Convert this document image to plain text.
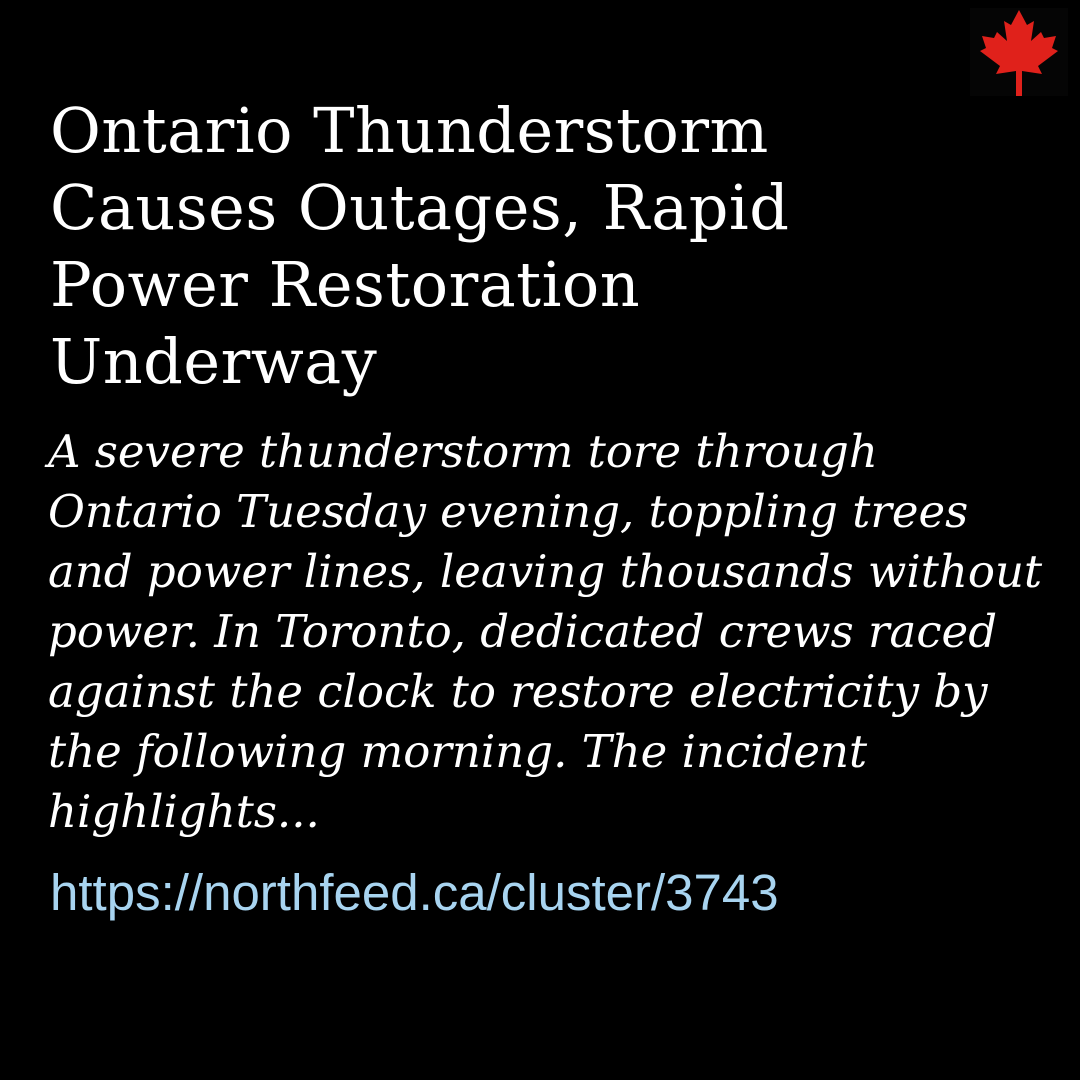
Ontario Thunderstorm Causes Outages, Rapid Power Restoration Underway

A severe thunderstorm tore through Ontario Tuesday evening, toppling trees and power lines, leaving thousands without power. In Toronto, dedicated crews raced against the clock to restore electricity by the following morning. The incident highlights...

https://northfeed.ca/cluster/3743
